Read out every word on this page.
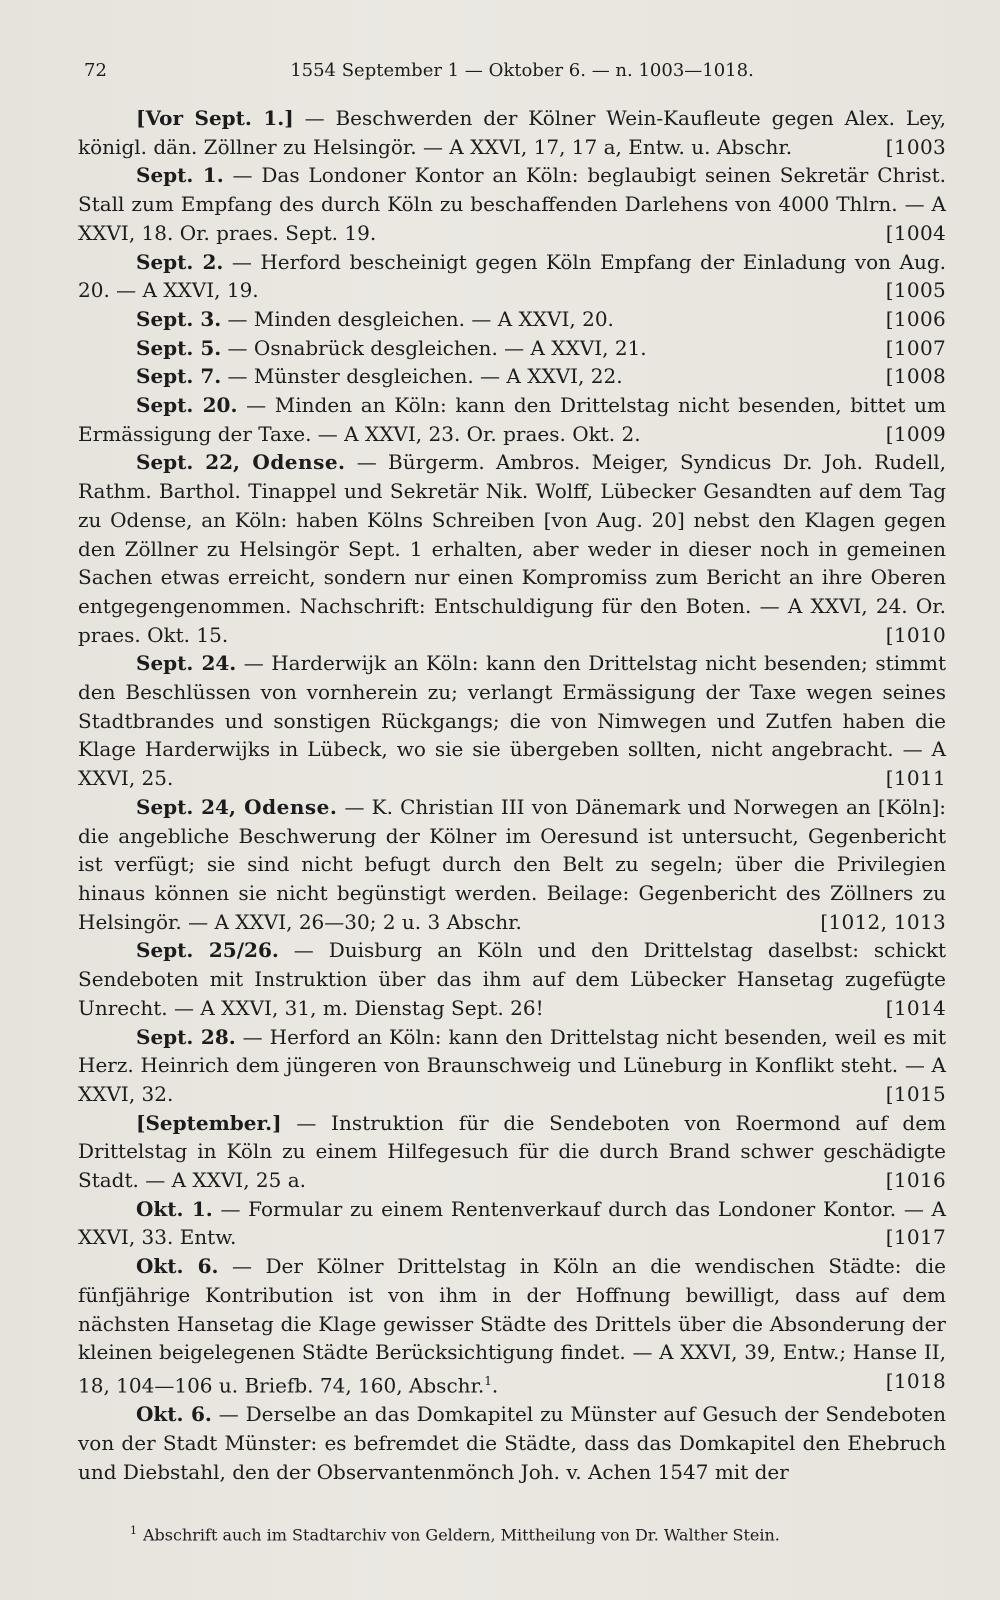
72	1554 September 1 — Oktober 6. — n. 1003—1018.
[Vor Sept. 1.] — Beschwerden der Kölner Wein-Kaufleute gegen Alex. Ley, königl. dän. Zöllner zu Helsingör. — A XXVI, 17, 17 a, Entw. u. Abschr.	[1003
Sept. 1. — Das Londoner Kontor an Köln: beglaubigt seinen Sekretär Christ. Stall zum Empfang des durch Köln zu beschaffenden Darlehens von 4000 Thlrn. — A XXVI, 18. Or. praes. Sept. 19.	[1004
Sept. 2. — Herford bescheinigt gegen Köln Empfang der Einladung von Aug. 20. — A XXVI, 19.	[1005
Sept. 3. — Minden desgleichen. — A XXVI, 20.	[1006
Sept. 5. — Osnabrück desgleichen. — A XXVI, 21.	[1007
Sept. 7. — Münster desgleichen. — A XXVI, 22.	[1008
Sept. 20. — Minden an Köln: kann den Drittelstag nicht besenden, bittet um Ermässigung der Taxe. — A XXVI, 23. Or. praes. Okt. 2.	[1009
Sept. 22, Odense. — Bürgerm. Ambros. Meiger, Syndicus Dr. Joh. Rudell, Rathm. Barthol. Tinappel und Sekretär Nik. Wolff, Lübecker Gesandten auf dem Tag zu Odense, an Köln: haben Kölns Schreiben [von Aug. 20] nebst den Klagen gegen den Zöllner zu Helsingör Sept. 1 erhalten, aber weder in dieser noch in gemeinen Sachen etwas erreicht, sondern nur einen Kompromiss zum Bericht an ihre Oberen entgegengenommen. Nachschrift: Entschuldigung für den Boten. — A XXVI, 24. Or. praes. Okt. 15.	[1010
Sept. 24. — Harderwijk an Köln: kann den Drittelstag nicht besenden; stimmt den Beschlüssen von vornherein zu; verlangt Ermässigung der Taxe wegen seines Stadtbrandes und sonstigen Rückgangs; die von Nimwegen und Zutfen haben die Klage Harderwijks in Lübeck, wo sie sie übergeben sollten, nicht angebracht. — A XXVI, 25.	[1011
Sept. 24, Odense. — K. Christian III von Dänemark und Norwegen an [Köln]: die angebliche Beschwerung der Kölner im Oeresund ist untersucht, Gegenbericht ist verfügt; sie sind nicht befugt durch den Belt zu segeln; über die Privilegien hinaus können sie nicht begünstigt werden. Beilage: Gegenbericht des Zöllners zu Helsingör. — A XXVI, 26—30; 2 u. 3 Abschr.	[1012, 1013
Sept. 25/26. — Duisburg an Köln und den Drittelstag daselbst: schickt Sendeboten mit Instruktion über das ihm auf dem Lübecker Hansetag zugefügte Unrecht. — A XXVI, 31, m. Dienstag Sept. 26!	[1014
Sept. 28. — Herford an Köln: kann den Drittelstag nicht besenden, weil es mit Herz. Heinrich dem jüngeren von Braunschweig und Lüneburg in Konflikt steht. — A XXVI, 32.	[1015
[September.] — Instruktion für die Sendeboten von Roermond auf dem Drittelstag in Köln zu einem Hilfegesuch für die durch Brand schwer geschädigte Stadt. — A XXVI, 25 a.	[1016
Okt. 1. — Formular zu einem Rentenverkauf durch das Londoner Kontor. — A XXVI, 33. Entw.	[1017
Okt. 6. — Der Kölner Drittelstag in Köln an die wendischen Städte: die fünfjährige Kontribution ist von ihm in der Hoffnung bewilligt, dass auf dem nächsten Hansetag die Klage gewisser Städte des Drittels über die Absonderung der kleinen beigelegenen Städte Berücksichtigung findet. — A XXVI, 39, Entw.; Hanse II, 18, 104—106 u. Briefb. 74, 160, Abschr.$^1$.	[1018
Okt. 6. — Derselbe an das Domkapitel zu Münster auf Gesuch der Sendeboten von der Stadt Münster: es befremdet die Städte, dass das Domkapitel den Ehebruch und Diebstahl, den der Observantenmönch Joh. v. Achen 1547 mit der
$^1$ Abschrift auch im Stadtarchiv von Geldern, Mittheilung von Dr. Walther Stein.
